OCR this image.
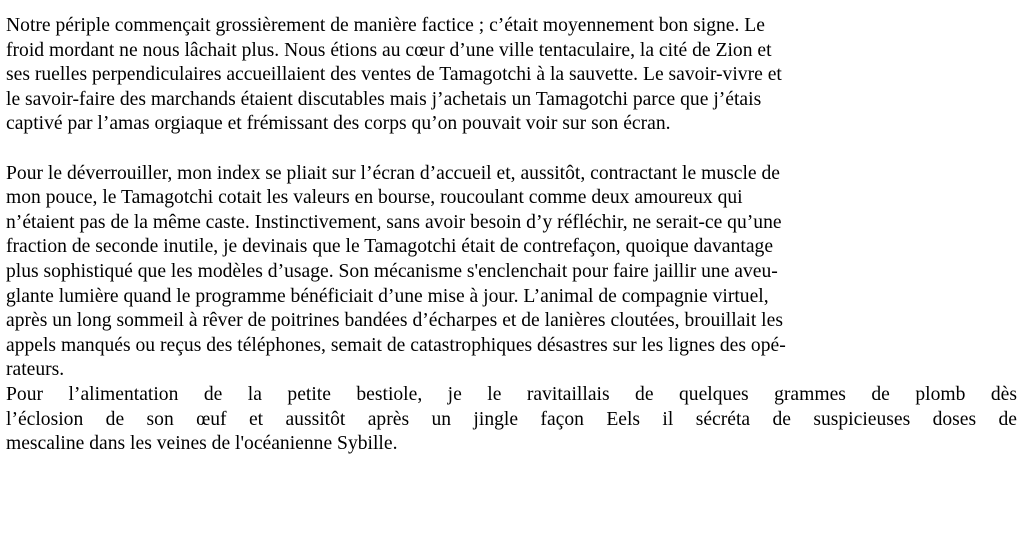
Notre périple commençait grossièrement de manière factice ; c’était moyennement bon signe. Le
froid mordant ne nous lâchait plus. Nous étions au cœur d’une ville tentaculaire, la cité de Zion et
ses ruelles perpendiculaires accueillaient des ventes de Tamagotchi à la sauvette. Le savoir-vivre et
le savoir-faire des marchands étaient discutables mais j’achetais un Tamagotchi parce que j’étais
captivé par l’amas orgiaque et frémissant des corps qu’on pouvait voir sur son écran.
Pour le déverrouiller, mon index se pliait sur l’écran d’accueil et, aussitôt, contractant le muscle de
mon pouce, le Tamagotchi cotait les valeurs en bourse, roucoulant comme deux amoureux qui
n’étaient pas de la même caste. Instinctivement, sans avoir besoin d’y réfléchir, ne serait-ce qu’une
fraction de seconde inutile, je devinais que le Tamagotchi était de contrefaçon, quoique davantage
plus sophistiqué que les modèles d’usage. Son mécanisme s'enclenchait pour faire jaillir une aveu-
glante lumière quand le programme bénéficiait d’une mise à jour. L’animal de compagnie virtuel,
après un long sommeil à rêver de poitrines bandées d’écharpes et de lanières cloutées, brouillait les
appels manqués ou reçus des téléphones, semait de catastrophiques désastres sur les lignes des opé-
rateurs.
Pour l’alimentation de la petite bestiole, je le ravitaillais de quelques grammes de plomb dès
l’éclosion de son œuf et aussitôt après un jingle façon Eels il sécréta de suspicieuses doses de
mescaline dans les veines de l'océanienne Sybille.
